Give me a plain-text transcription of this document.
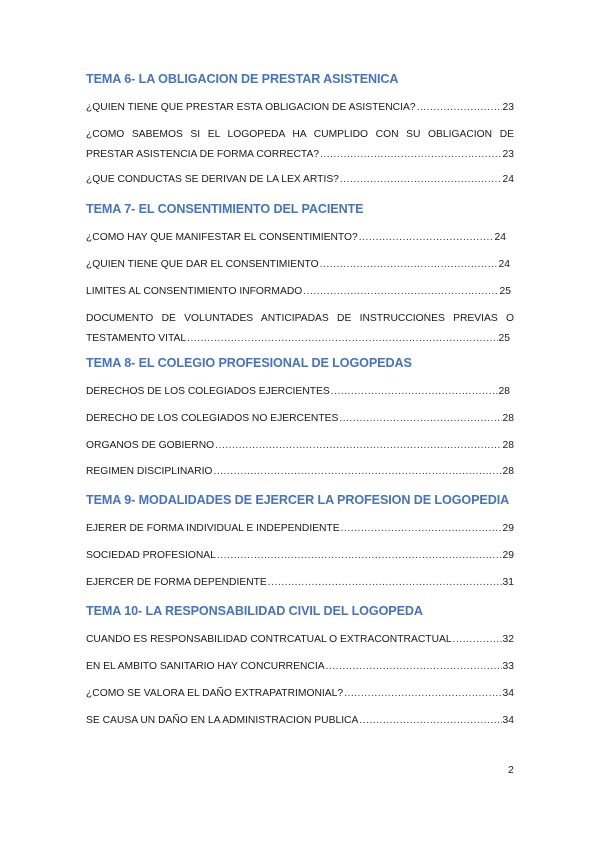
TEMA 6- LA OBLIGACION DE PRESTAR ASISTENICA
¿QUIEN TIENE QUE PRESTAR ESTA OBLIGACION DE ASISTENCIA? .....	23
¿COMO SABEMOS SI EL LOGOPEDA HA CUMPLIDO CON SU OBLIGACION DE
PRESTAR ASISTENCIA DE FORMA CORRECTA? .....	23
¿QUE CONDUCTAS SE DERIVAN DE LA LEX ARTIS? .....	24
TEMA 7- EL CONSENTIMIENTO DEL PACIENTE
¿COMO HAY QUE MANIFESTAR EL CONSENTIMIENTO? .....	24
¿QUIEN TIENE QUE DAR EL CONSENTIMIENTO .....	24
LIMITES AL CONSENTIMIENTO INFORMADO .....	25
DOCUMENTO DE VOLUNTADES ANTICIPADAS DE INSTRUCCIONES PREVIAS O
TESTAMENTO VITAL .....	25
TEMA 8- EL COLEGIO PROFESIONAL DE LOGOPEDAS
DERECHOS DE LOS COLEGIADOS EJERCIENTES .....	28
DERECHO DE LOS COLEGIADOS NO EJERCENTES .....	28
ORGANOS DE GOBIERNO .....	28
REGIMEN DISCIPLINARIO .....	28
TEMA 9- MODALIDADES DE EJERCER LA PROFESION DE LOGOPEDIA
EJERER DE FORMA INDIVIDUAL E INDEPENDIENTE .....	29
SOCIEDAD PROFESIONAL .....	29
EJERCER DE FORMA DEPENDIENTE .....	31
TEMA 10- LA RESPONSABILIDAD CIVIL DEL LOGOPEDA
CUANDO ES RESPONSABILIDAD CONTRCATUAL O EXTRACONTRACTUAL .....	32
EN EL AMBITO SANITARIO HAY CONCURRENCIA .....	33
¿COMO SE VALORA EL DAÑO EXTRAPATRIMONIAL? .....	34
SE CAUSA UN DAÑO EN LA ADMINISTRACION PUBLICA .....	34
2
